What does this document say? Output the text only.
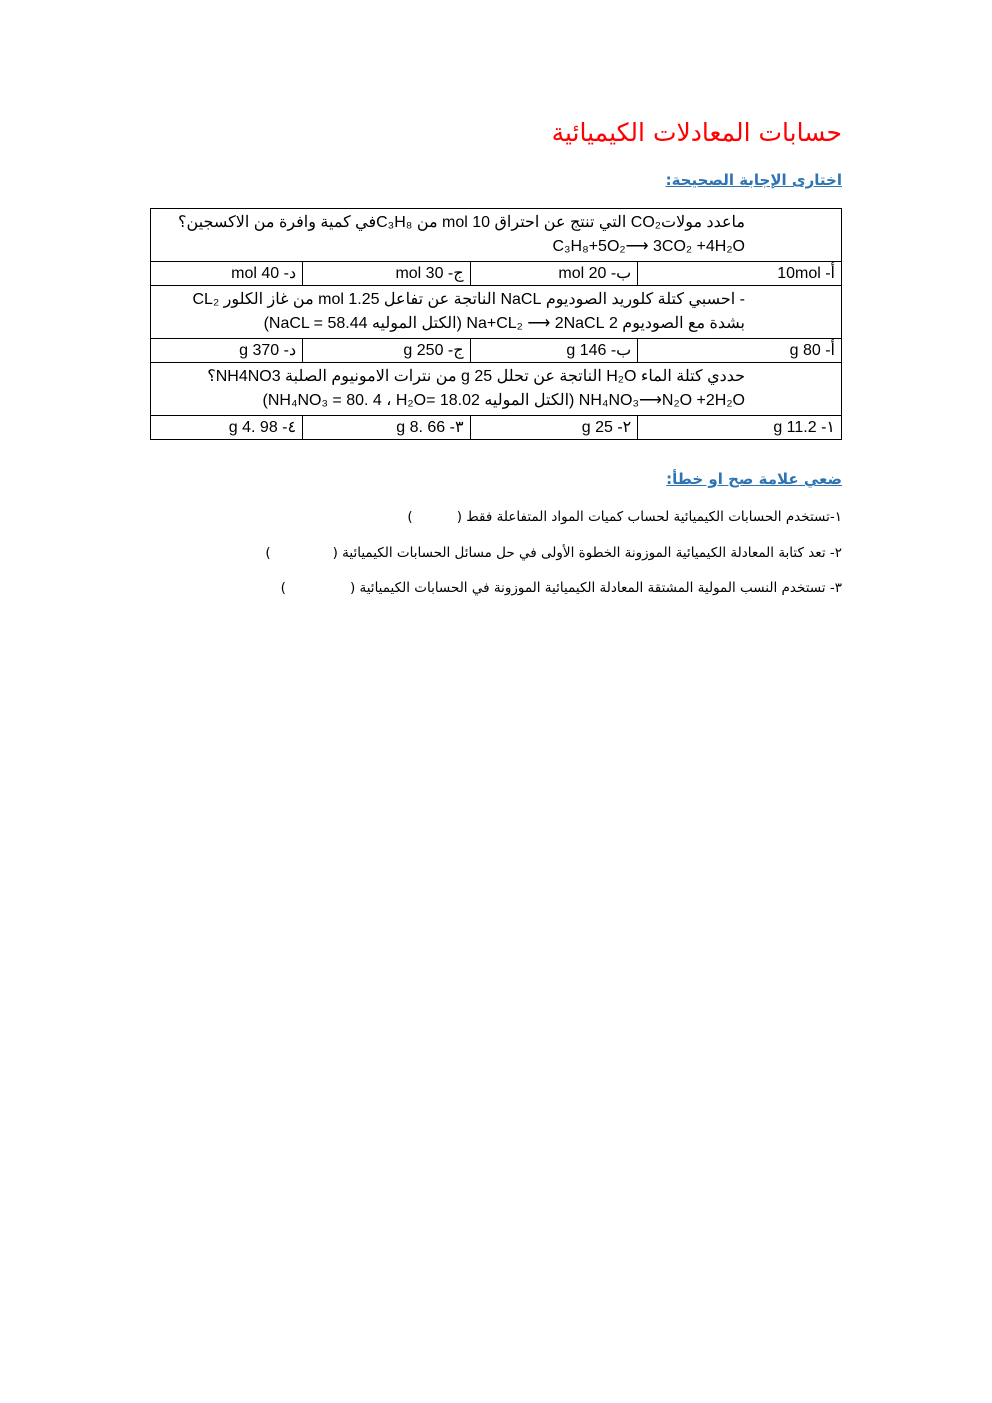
حسابات المعادلات الكيميائية
اختارى الإجابة الصحيحة:
ماعدد مولاتCO₂ التي تنتج عن احتراق 10 mol من C₃H₈في كمية وافرة من الاكسجين؟
C₃H₈+5O₂⟶ 3CO₂ +4H₂O			

أ- 10mol	ب- 20 mol	ج- 30 mol	د- 40 mol

- احسبي كتلة كلوريد الصوديوم NaCL الناتجة عن تفاعل 1.25 mol من غاز الكلور CL₂
بشدة مع الصوديوم 2 Na+CL₂ ⟶ 2NaCL (الكتل الموليه NaCL = 58.44)			

أ- 80 g	ب- 146 g	ج- 250 g	د- 370 g

حددي كتلة الماء H₂O الناتجة عن تحلل 25 g من نترات الامونيوم الصلبة NH4NO3؟
NH₄NO₃⟶N₂O +2H₂O (الكتل الموليه NH₄NO₃ = 80. 4 ، H₂O= 18.02)			

١- 11.2 g	٢- 25 g	٣- 66 .8 g	٤- 98 .4 g
ضعي علامة صح او خطأ:
١-تستخدم الحسابات الكيميائية لحساب كميات المواد المتفاعلة فقط ()
٢- تعد كتابة المعادلة الكيميائية الموزونة الخطوة الأولى في حل مسائل الحسابات الكيميائية ()
٣- تستخدم النسب المولية المشتقة المعادلة الكيميائية الموزونة في الحسابات الكيميائية ()
